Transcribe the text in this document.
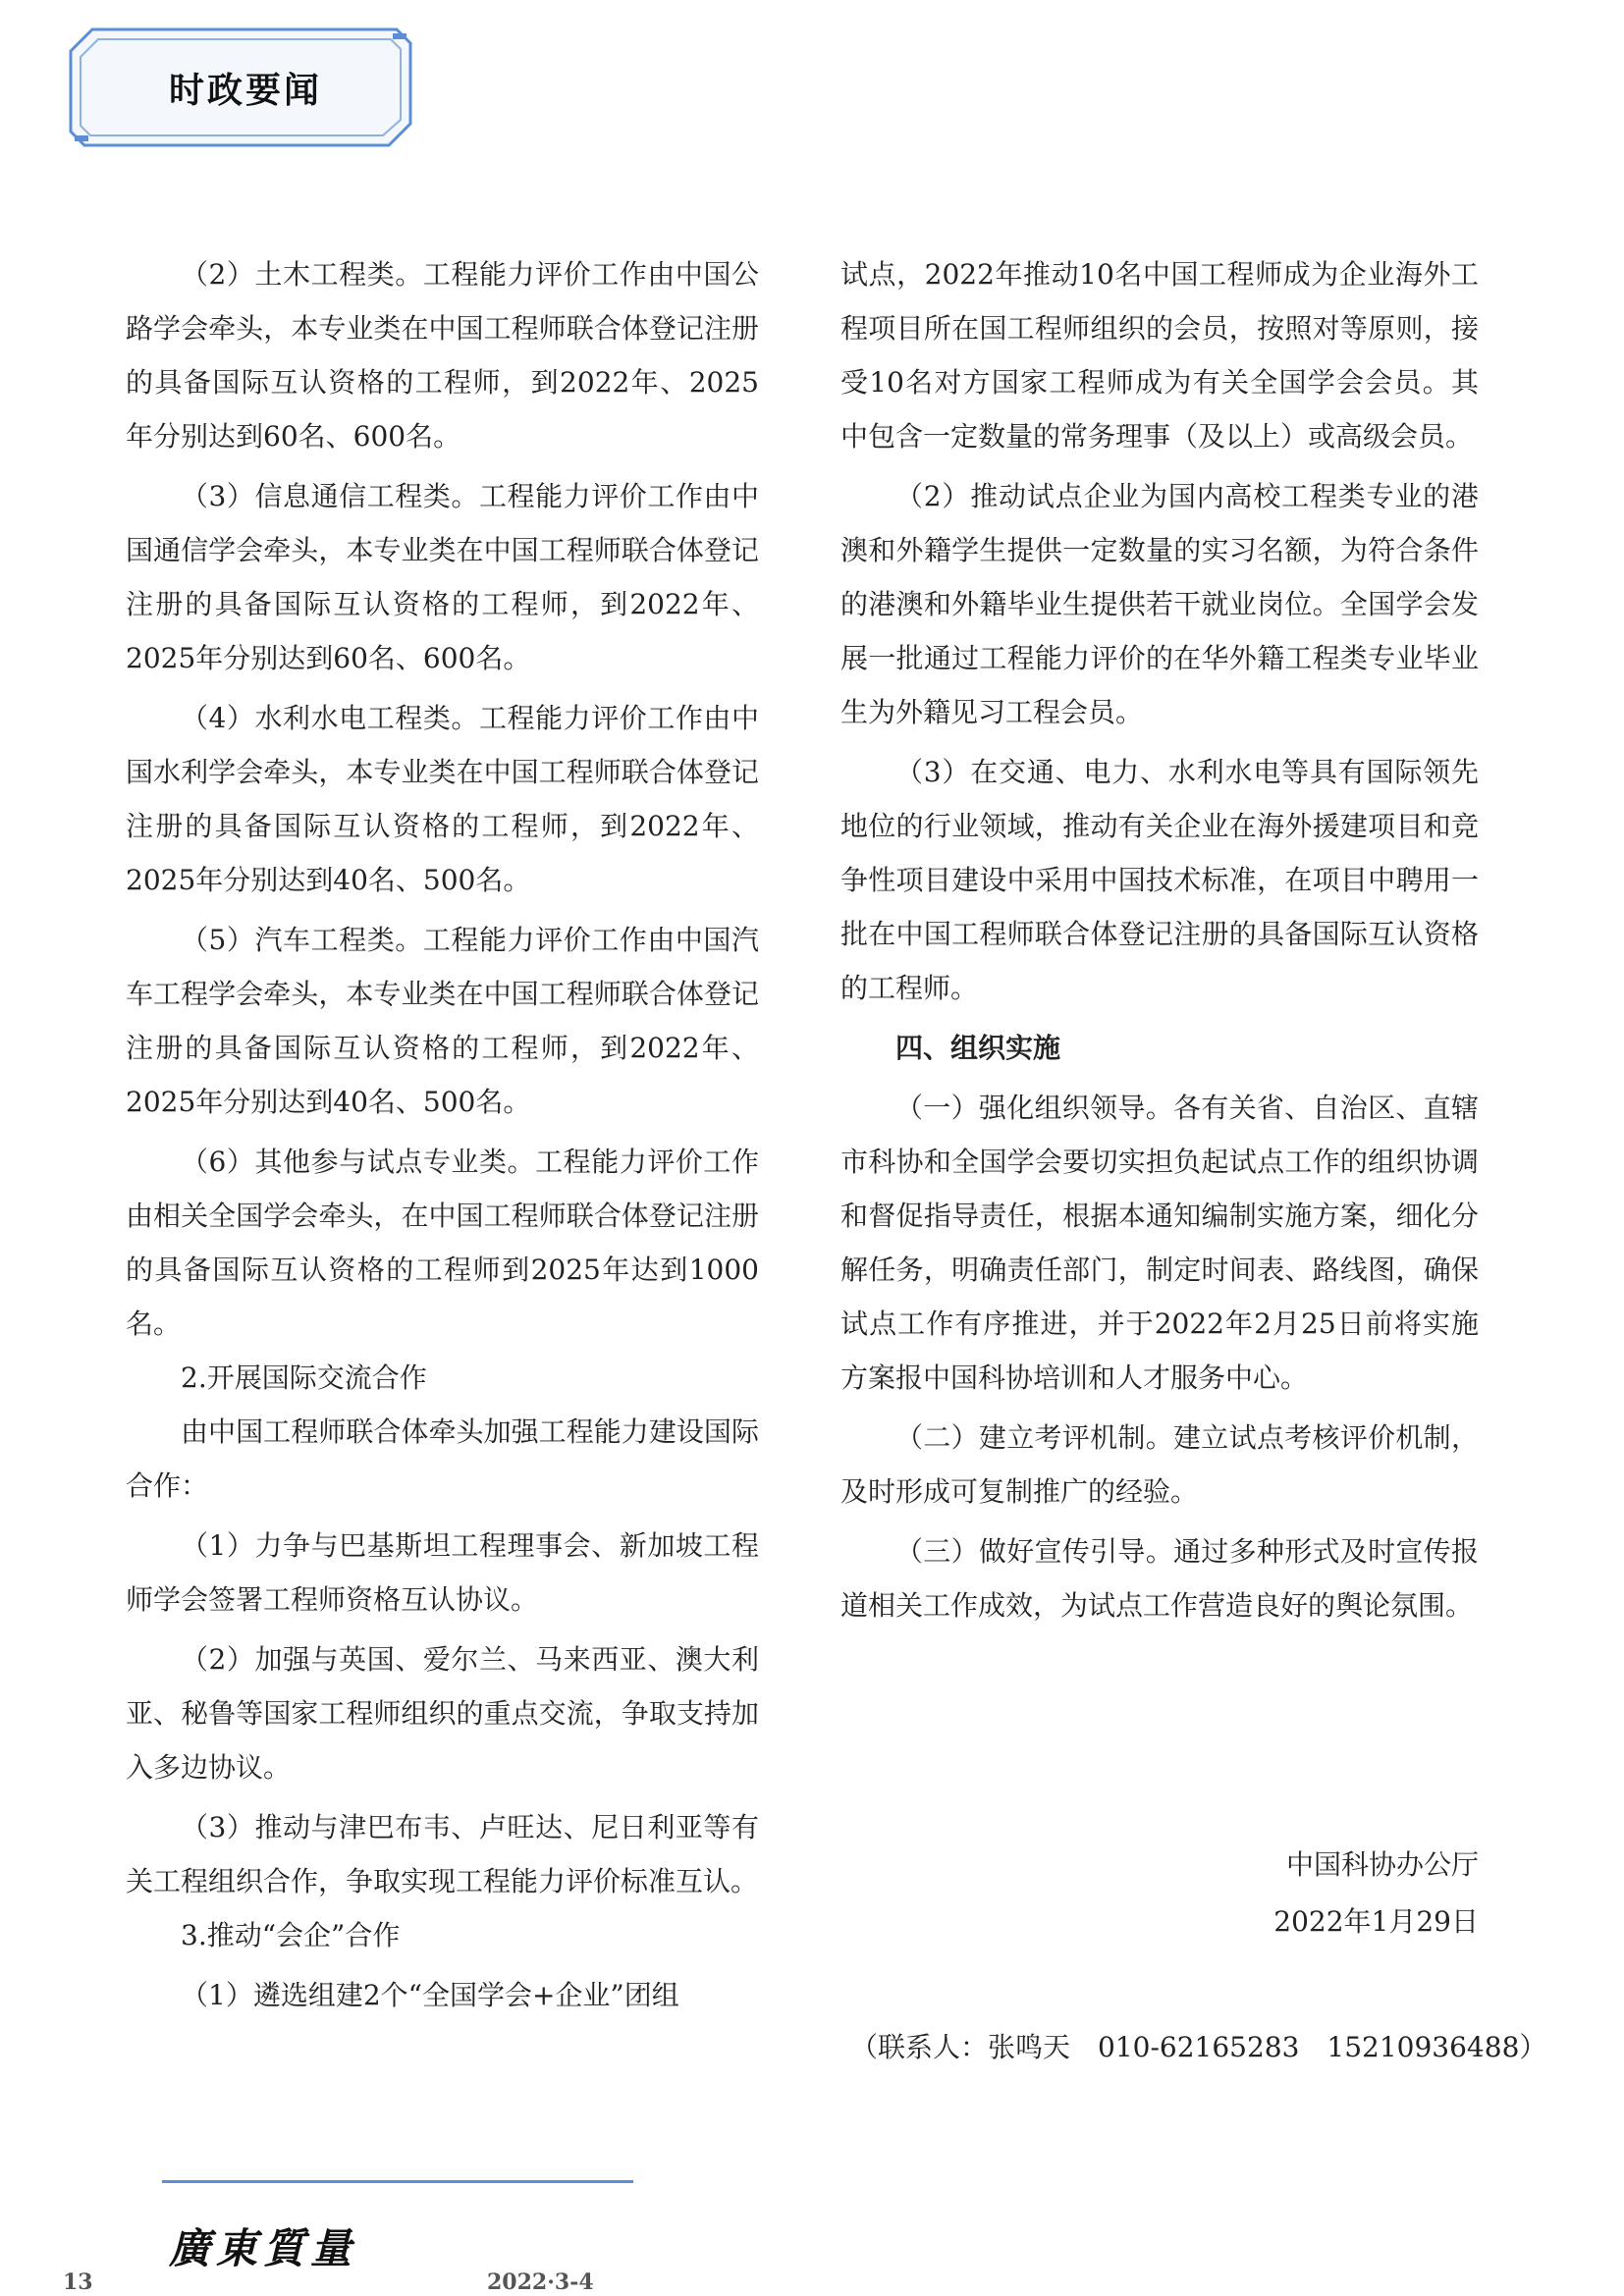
时政要闻

（2）土木工程类。工程能力评价工作由中国公路学会牵头，本专业类在中国工程师联合体登记注册的具备国际互认资格的工程师，到2022年、2025年分别达到60名、600名。

（3）信息通信工程类。工程能力评价工作由中国通信学会牵头，本专业类在中国工程师联合体登记注册的具备国际互认资格的工程师，到2022年、2025年分别达到60名、600名。

（4）水利水电工程类。工程能力评价工作由中国水利学会牵头，本专业类在中国工程师联合体登记注册的具备国际互认资格的工程师，到2022年、2025年分别达到40名、500名。

（5）汽车工程类。工程能力评价工作由中国汽车工程学会牵头，本专业类在中国工程师联合体登记注册的具备国际互认资格的工程师，到2022年、2025年分别达到40名、500名。

（6）其他参与试点专业类。工程能力评价工作由相关全国学会牵头，在中国工程师联合体登记注册的具备国际互认资格的工程师到2025年达到1000名。

2.开展国际交流合作

由中国工程师联合体牵头加强工程能力建设国际合作：

（1）力争与巴基斯坦工程理事会、新加坡工程师学会签署工程师资格互认协议。

（2）加强与英国、爱尔兰、马来西亚、澳大利亚、秘鲁等国家工程师组织的重点交流，争取支持加入多边协议。

（3）推动与津巴布韦、卢旺达、尼日利亚等有关工程组织合作，争取实现工程能力评价标准互认。

3.推动“会企”合作

（1）遴选组建2个“全国学会+企业”团组

试点，2022年推动10名中国工程师成为企业海外工程项目所在国工程师组织的会员，按照对等原则，接受10名对方国家工程师成为有关全国学会会员。其中包含一定数量的常务理事（及以上）或高级会员。

（2）推动试点企业为国内高校工程类专业的港澳和外籍学生提供一定数量的实习名额，为符合条件的港澳和外籍毕业生提供若干就业岗位。全国学会发展一批通过工程能力评价的在华外籍工程类专业毕业生为外籍见习工程会员。

（3）在交通、电力、水利水电等具有国际领先地位的行业领域，推动有关企业在海外援建项目和竞争性项目建设中采用中国技术标准，在项目中聘用一批在中国工程师联合体登记注册的具备国际互认资格的工程师。

四、组织实施

（一）强化组织领导。各有关省、自治区、直辖市科协和全国学会要切实担负起试点工作的组织协调和督促指导责任，根据本通知编制实施方案，细化分解任务，明确责任部门，制定时间表、路线图，确保试点工作有序推进，并于2022年2月25日前将实施方案报中国科协培训和人才服务中心。

（二）建立考评机制。建立试点考核评价机制，及时形成可复制推广的经验。

（三）做好宣传引导。通过多种形式及时宣传报道相关工作成效，为试点工作营造良好的舆论氛围。

中国科协办公厅
2022年1月29日
（联系人：张鸣天　010-62165283　15210936488）
13
廣東質量
2022·3-4
